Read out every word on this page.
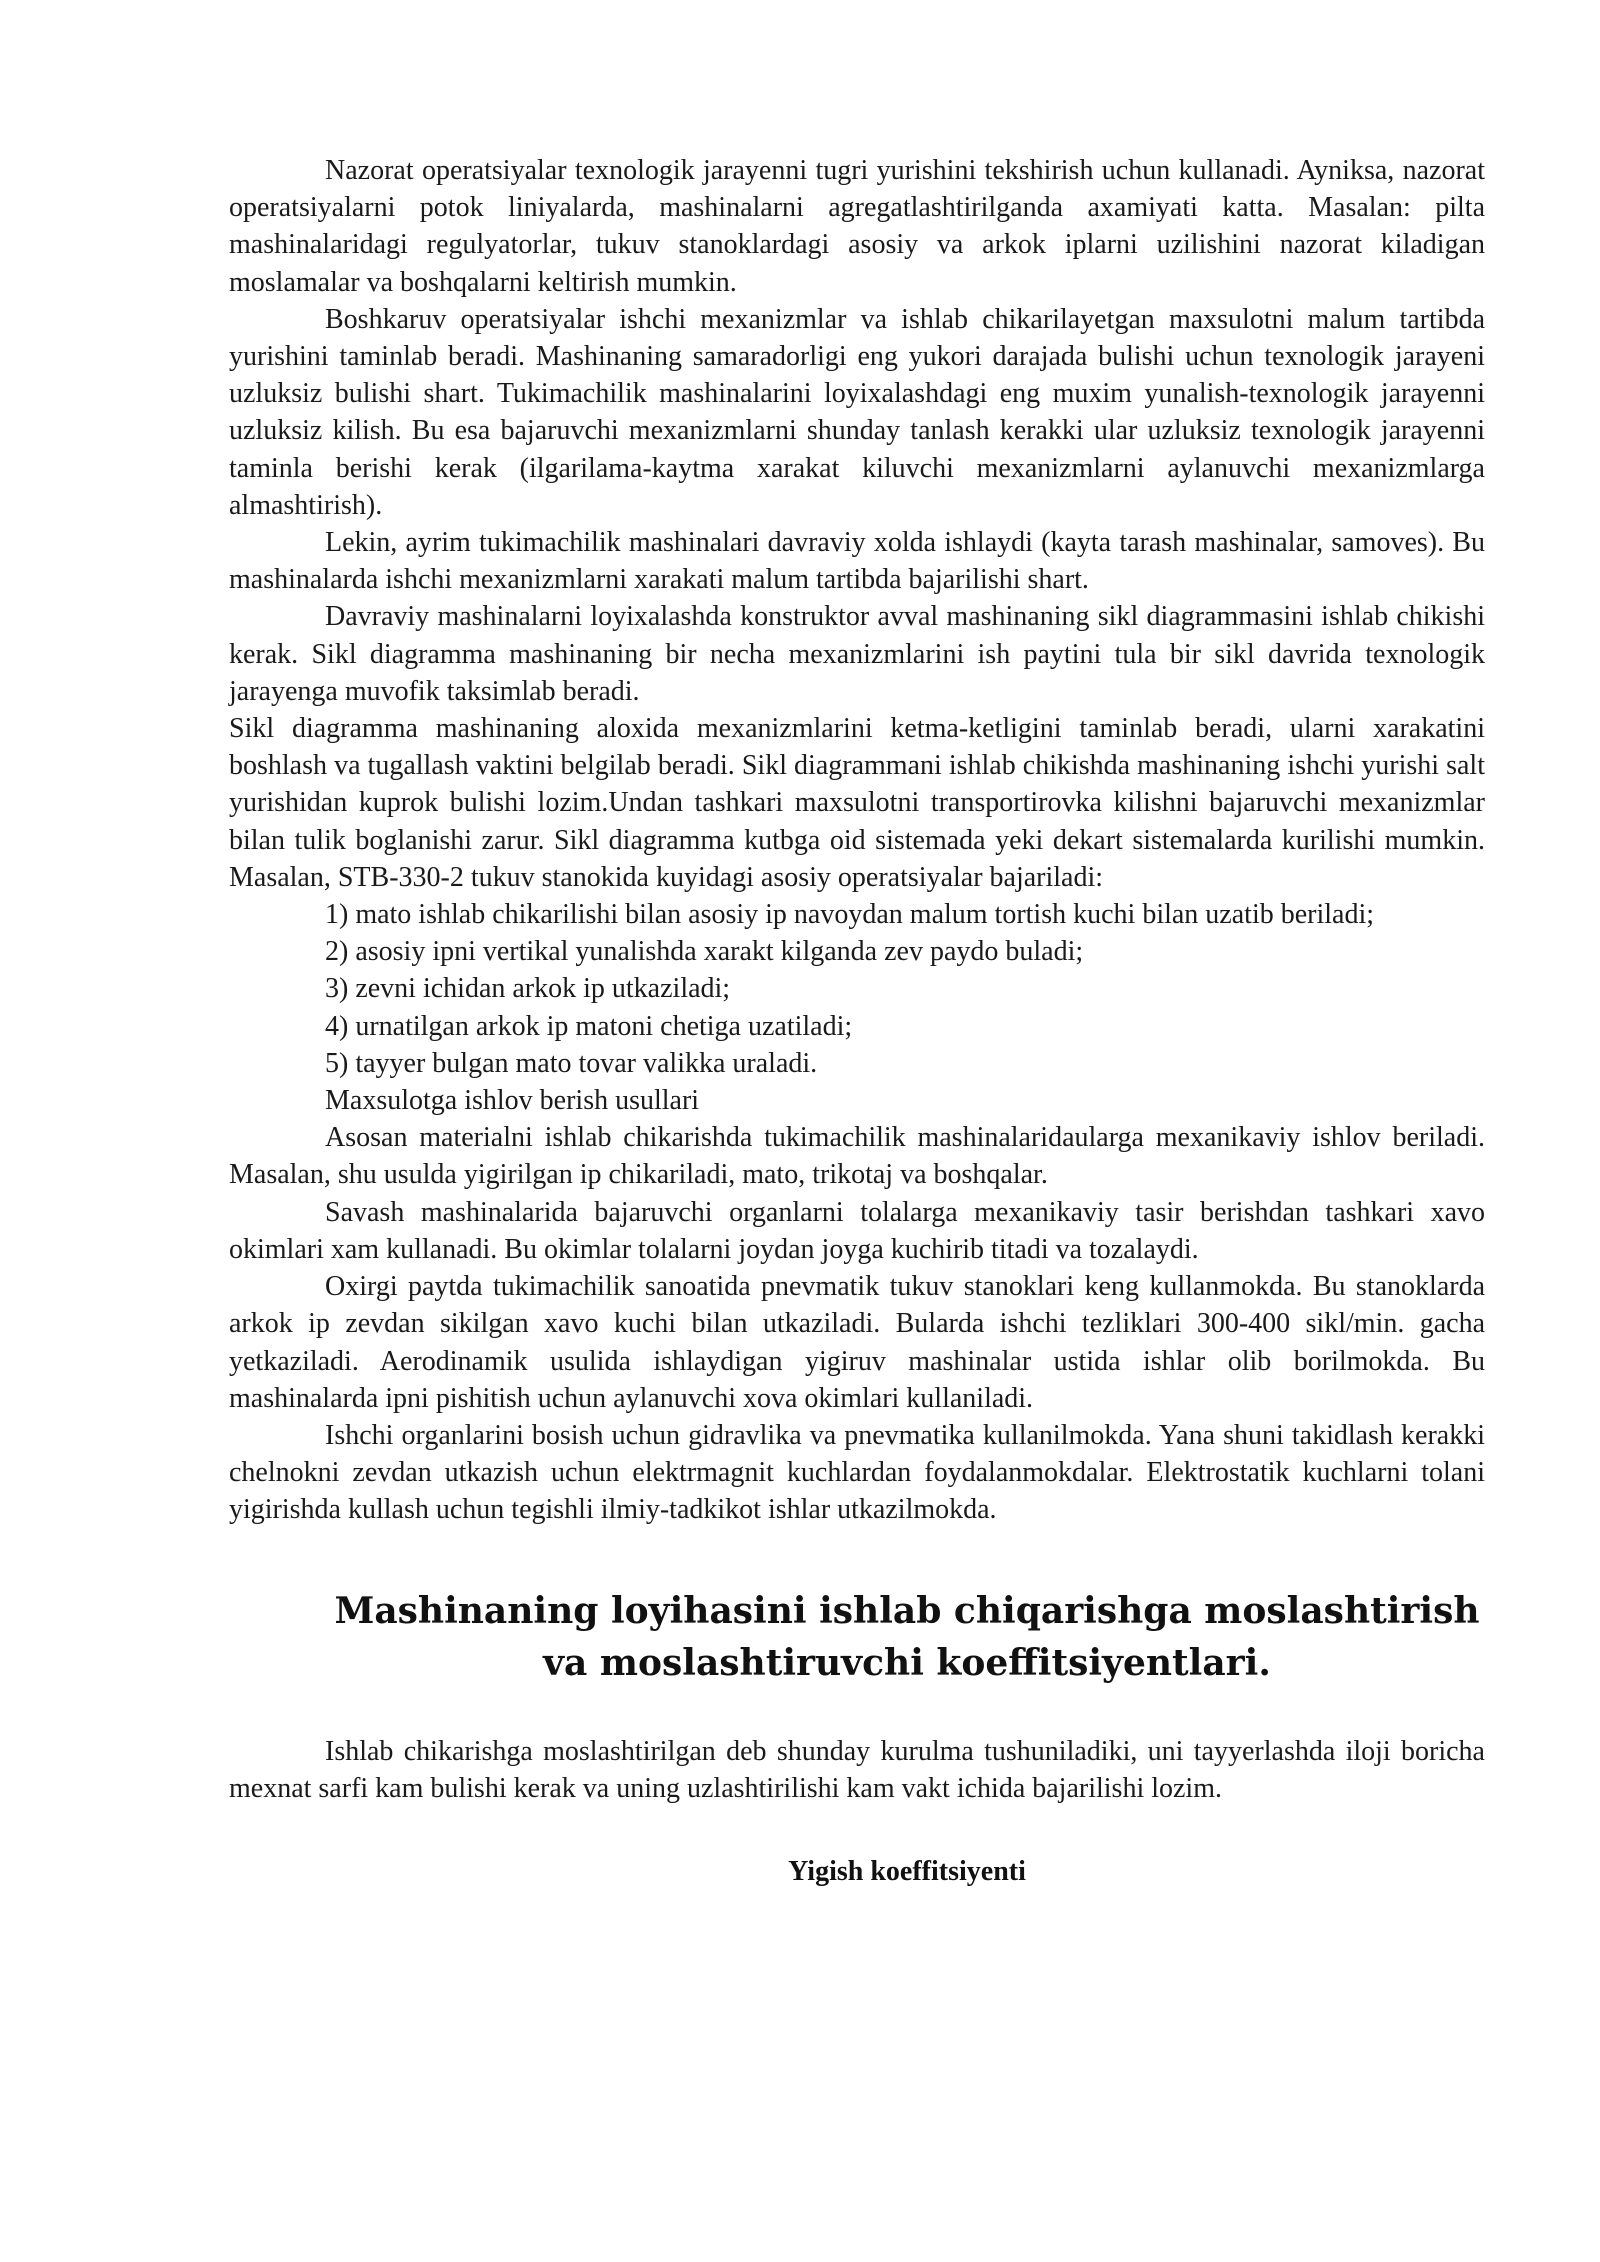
Nazorat operatsiyalar texnologik jarayenni tugri yurishini tekshirish uchun kullanadi. Ayniksa, nazorat operatsiyalarni potok liniyalarda, mashinalarni agregatlashtirilganda axamiyati katta. Masalan: pilta mashinalaridagi regulyatorlar, tukuv stanoklardagi asosiy va arkok iplarni uzilishini nazorat kiladigan moslamalar va boshqalarni keltirish mumkin.

Boshkaruv operatsiyalar ishchi mexanizmlar va ishlab chikarilayetgan maxsulotni malum tartibda yurishini taminlab beradi. Mashinaning samaradorligi eng yukori darajada bulishi uchun texnologik jarayeni uzluksiz bulishi shart. Tukimachilik mashinalarini loyixalashdagi eng muxim yunalish-texnologik jarayenni uzluksiz kilish. Bu esa bajaruvchi mexanizmlarni shunday tanlash kerakki ular uzluksiz texnologik jarayenni taminla berishi kerak (ilgarilama-kaytma xarakat kiluvchi mexanizmlarni aylanuvchi mexanizmlarga almashtirish).

Lekin, ayrim tukimachilik mashinalari davraviy xolda ishlaydi (kayta tarash mashinalar, samoves). Bu mashinalarda ishchi mexanizmlarni xarakati malum tartibda bajarilishi shart.

Davraviy mashinalarni loyixalashda konstruktor avval mashinaning sikl diagrammasini ishlab chikishi kerak. Sikl diagramma mashinaning bir necha mexanizmlarini ish paytini tula bir sikl davrida texnologik jarayenga muvofik taksimlab beradi.

Sikl diagramma mashinaning aloxida mexanizmlarini ketma-ketligini taminlab beradi, ularni xarakatini boshlash va tugallash vaktini belgilab beradi. Sikl diagrammani ishlab chikishda mashinaning ishchi yurishi salt yurishidan kuprok bulishi lozim.Undan tashkari maxsulotni transportirovka kilishni bajaruvchi mexanizmlar bilan tulik boglanishi zarur. Sikl diagramma kutbga oid sistemada yeki dekart sistemalarda kurilishi mumkin. Masalan, STB-330-2 tukuv stanokida kuyidagi asosiy operatsiyalar bajariladi:

1) mato ishlab chikarilishi bilan asosiy ip navoydan malum tortish kuchi bilan uzatib beriladi;

2) asosiy ipni vertikal yunalishda xarakt kilganda zev paydo buladi;

3) zevni ichidan arkok ip utkaziladi;

4) urnatilgan arkok ip matoni chetiga uzatiladi;

5) tayyer bulgan mato tovar valikka uraladi.

Maxsulotga ishlov berish usullari

Asosan materialni ishlab chikarishda tukimachilik mashinalaridaularga mexanikaviy ishlov beriladi. Masalan, shu usulda yigirilgan ip chikariladi, mato, trikotaj va boshqalar.

Savash mashinalarida bajaruvchi organlarni tolalarga mexanikaviy tasir berishdan tashkari xavo okimlari xam kullanadi. Bu okimlar tolalarni joydan joyga kuchirib titadi va tozalaydi.

Oxirgi paytda tukimachilik sanoatida pnevmatik tukuv stanoklari keng kullanmokda. Bu stanoklarda arkok ip zevdan sikilgan xavo kuchi bilan utkaziladi. Bularda ishchi tezliklari 300-400 sikl/min. gacha yetkaziladi. Aerodinamik usulida ishlaydigan yigiruv mashinalar ustida ishlar olib borilmokda. Bu mashinalarda ipni pishitish uchun aylanuvchi xova okimlari kullaniladi.

Ishchi organlarini bosish uchun gidravlika va pnevmatika kullanilmokda. Yana shuni takidlash kerakki chelnokni zevdan utkazish uchun elektrmagnit kuchlardan foydalanmokdalar. Elektrostatik kuchlarni tolani yigirishda kullash uchun tegishli ilmiy-tadkikot ishlar utkazilmokda.

Mashinaning loyihasini ishlab chiqarishga moslashtirish va moslashtiruvchi koeffitsiyentlari.

Ishlab chikarishga moslashtirilgan deb shunday kurulma tushuniladiki, uni tayyerlashda iloji boricha mexnat sarfi kam bulishi kerak va uning uzlashtirilishi kam vakt ichida bajarilishi lozim.

Yigish koeffitsiyenti
